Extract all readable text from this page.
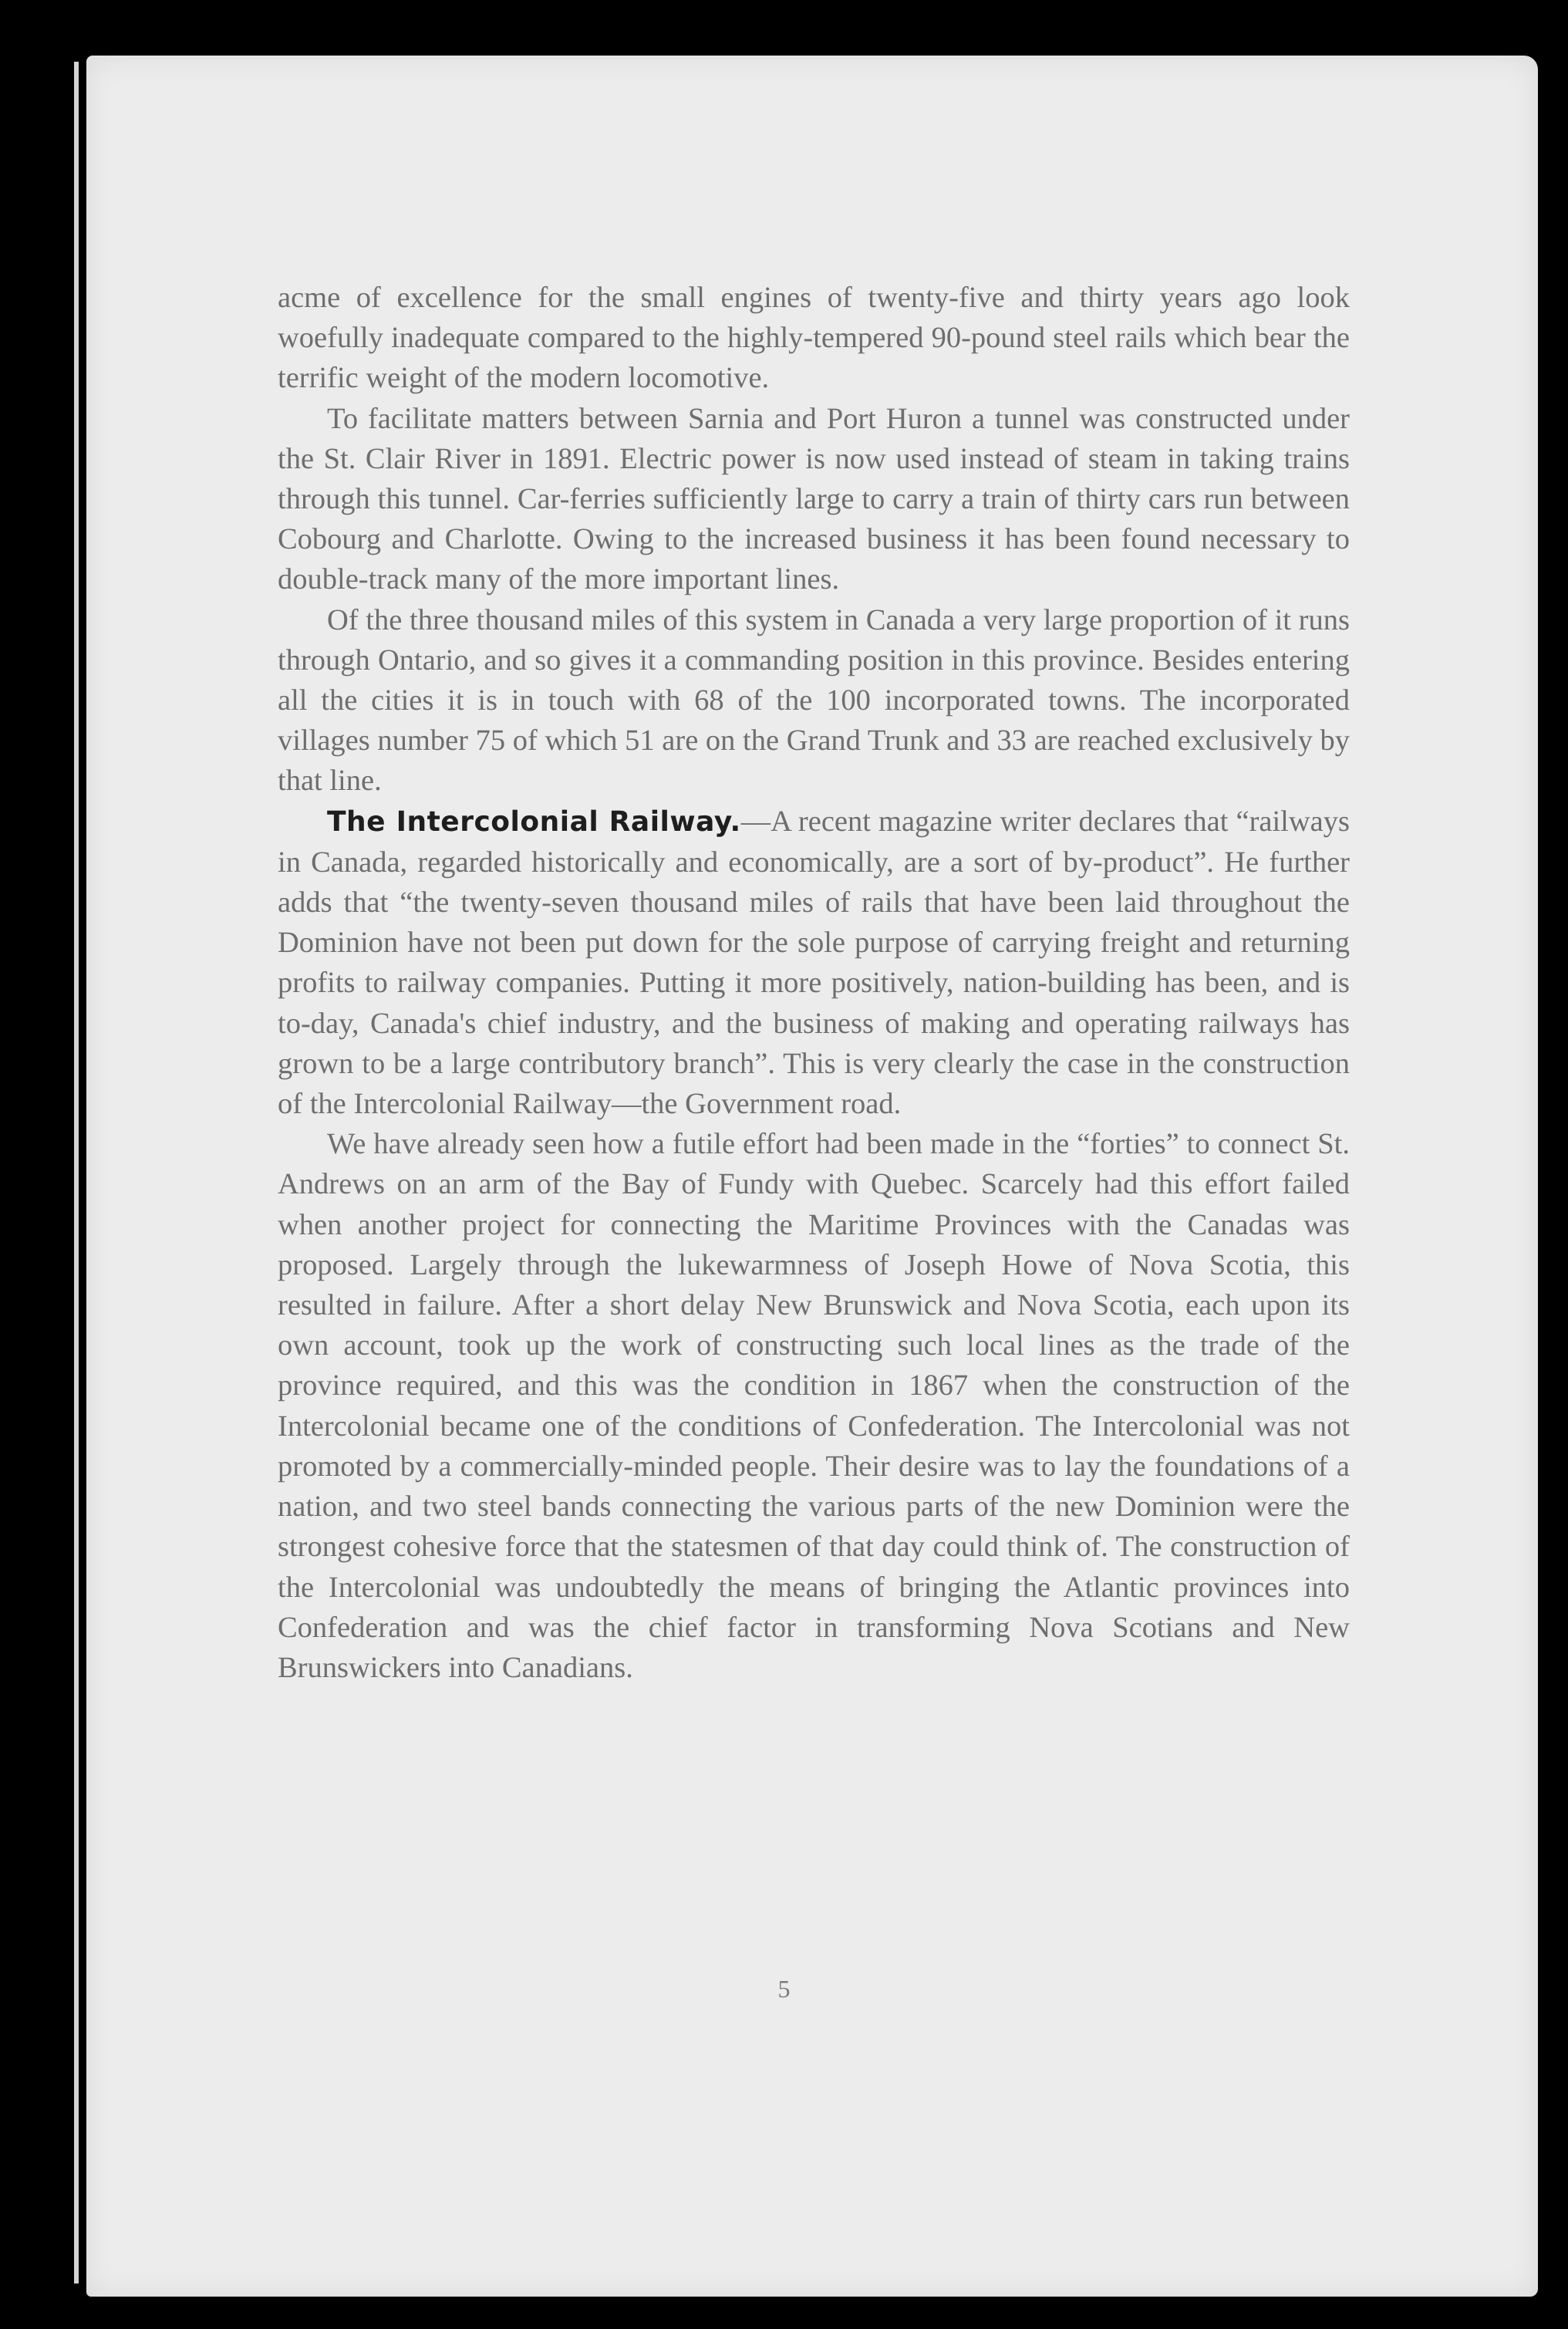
acme of excellence for the small engines of twenty-five and thirty years ago look woefully inadequate compared to the highly-tempered 90-pound steel rails which bear the terrific weight of the modern locomotive.

To facilitate matters between Sarnia and Port Huron a tunnel was constructed under the St. Clair River in 1891. Electric power is now used instead of steam in taking trains through this tunnel. Car-ferries sufficiently large to carry a train of thirty cars run between Cobourg and Charlotte. Owing to the increased business it has been found necessary to double-track many of the more important lines.

Of the three thousand miles of this system in Canada a very large proportion of it runs through Ontario, and so gives it a commanding position in this province. Besides entering all the cities it is in touch with 68 of the 100 incorporated towns. The incorporated villages number 75 of which 51 are on the Grand Trunk and 33 are reached exclusively by that line.

The Intercolonial Railway.—A recent magazine writer declares that “railways in Canada, regarded historically and economically, are a sort of by-product”. He further adds that “the twenty-seven thousand miles of rails that have been laid throughout the Dominion have not been put down for the sole purpose of carrying freight and returning profits to railway companies. Putting it more positively, nation-building has been, and is to-day, Canada's chief industry, and the business of making and operating railways has grown to be a large contributory branch”. This is very clearly the case in the construction of the Intercolonial Railway—the Government road.

We have already seen how a futile effort had been made in the “forties” to connect St. Andrews on an arm of the Bay of Fundy with Quebec. Scarcely had this effort failed when another project for connecting the Maritime Provinces with the Canadas was proposed. Largely through the lukewarmness of Joseph Howe of Nova Scotia, this resulted in failure. After a short delay New Brunswick and Nova Scotia, each upon its own account, took up the work of constructing such local lines as the trade of the province required, and this was the condition in 1867 when the construction of the Intercolonial became one of the conditions of Confederation. The Intercolonial was not promoted by a commercially-minded people. Their desire was to lay the foundations of a nation, and two steel bands connecting the various parts of the new Dominion were the strongest cohesive force that the statesmen of that day could think of. The construction of the Intercolonial was undoubtedly the means of bringing the Atlantic provinces into Confederation and was the chief factor in transforming Nova Scotians and New Brunswickers into Canadians.

5
